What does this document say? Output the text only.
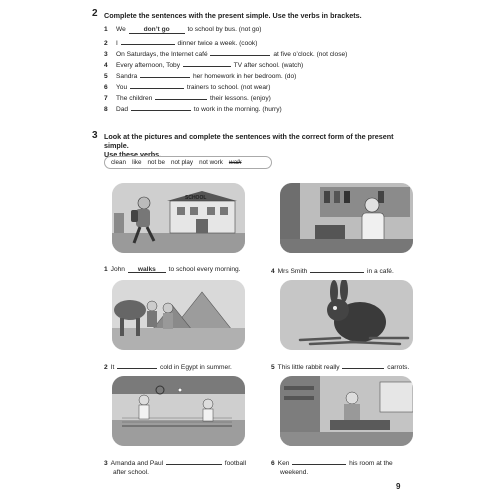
2 Complete the sentences with the present simple. Use the verbs in brackets.
1 We	don’t go	to school by bus. (not go)
2 I	dinner twice a week. (cook)
3 On Saturdays, the Internet café	at five o’clock. (not close)
4 Every afternoon, Toby	TV after school. (watch)
5 Sandra	her homework in her bedroom. (do)
6 You	trainers to school. (not wear)
7 The children	their lessons. (enjoy)
8 Dad	to work in the morning. (hurry)
3 Look at the pictures and complete the sentences with the correct form of the present simple.
Use these verbs.
clean like not be not play not work walk
SCHOOL
1 John walks to school every morning.	4 Mrs Smith	in a café.
2 It	cold in Egypt in summer.	5 This little rabbit really	carrots.
3 Amanda and Paul	football
after school.
6 Ken	his room at the
weekend.
9
